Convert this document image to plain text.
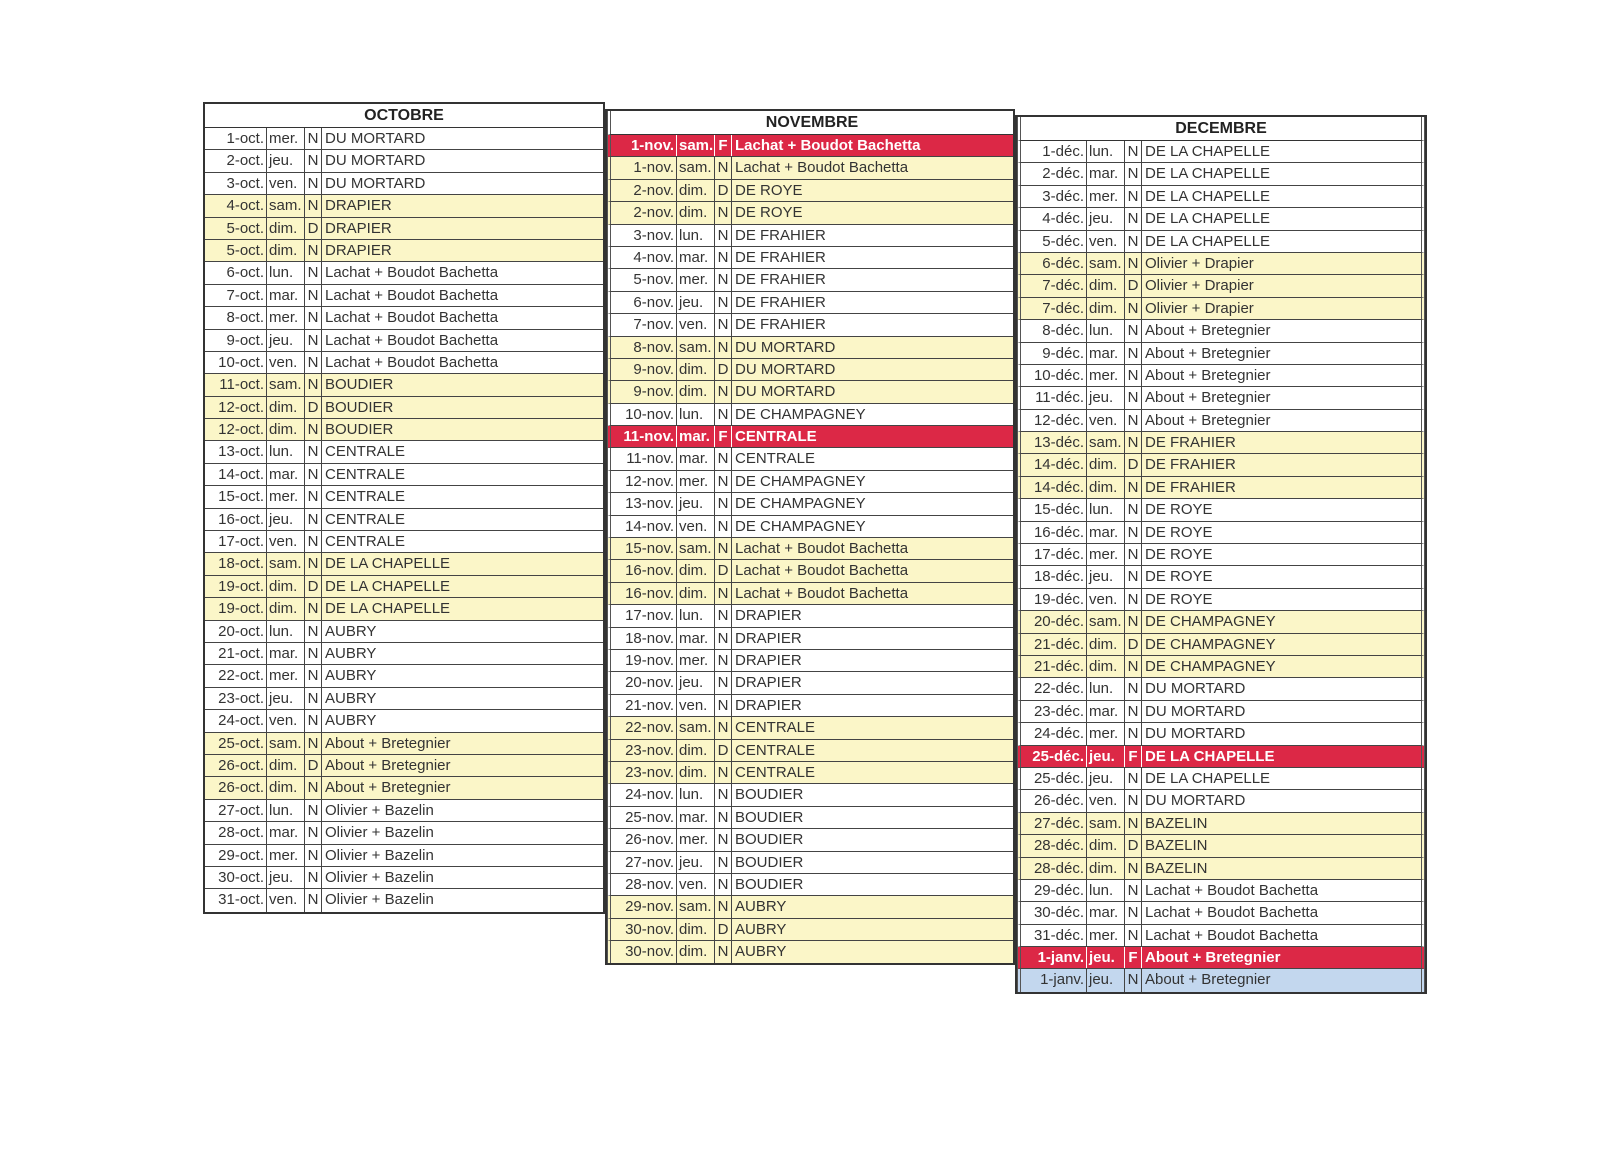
OCTOBRE
1-oct. mer. N DU MORTARD
2-oct. jeu. N DU MORTARD
3-oct. ven. N DU MORTARD
4-oct. sam. N DRAPIER
5-oct. dim. D DRAPIER
5-oct. dim. N DRAPIER
6-oct. lun. N Lachat + Boudot Bachetta
7-oct. mar. N Lachat + Boudot Bachetta
8-oct. mer. N Lachat + Boudot Bachetta
9-oct. jeu. N Lachat + Boudot Bachetta
10-oct. ven. N Lachat + Boudot Bachetta
11-oct. sam. N BOUDIER
12-oct. dim. D BOUDIER
12-oct. dim. N BOUDIER
13-oct. lun. N CENTRALE
14-oct. mar. N CENTRALE
15-oct. mer. N CENTRALE
16-oct. jeu. N CENTRALE
17-oct. ven. N CENTRALE
18-oct. sam. N DE LA CHAPELLE
19-oct. dim. D DE LA CHAPELLE
19-oct. dim. N DE LA CHAPELLE
20-oct. lun. N AUBRY
21-oct. mar. N AUBRY
22-oct. mer. N AUBRY
23-oct. jeu. N AUBRY
24-oct. ven. N AUBRY
25-oct. sam. N About + Bretegnier
26-oct. dim. D About + Bretegnier
26-oct. dim. N About + Bretegnier
27-oct. lun. N Olivier + Bazelin
28-oct. mar. N Olivier + Bazelin
29-oct. mer. N Olivier + Bazelin
30-oct. jeu. N Olivier + Bazelin
31-oct. ven. N Olivier + Bazelin
NOVEMBRE
1-nov. sam. F Lachat + Boudot Bachetta
1-nov. sam. N Lachat + Boudot Bachetta
2-nov. dim. D DE ROYE
2-nov. dim. N DE ROYE
3-nov. lun. N DE FRAHIER
4-nov. mar. N DE FRAHIER
5-nov. mer. N DE FRAHIER
6-nov. jeu. N DE FRAHIER
7-nov. ven. N DE FRAHIER
8-nov. sam. N DU MORTARD
9-nov. dim. D DU MORTARD
9-nov. dim. N DU MORTARD
10-nov. lun. N DE CHAMPAGNEY
11-nov. mar. F CENTRALE
11-nov. mar. N CENTRALE
12-nov. mer. N DE CHAMPAGNEY
13-nov. jeu. N DE CHAMPAGNEY
14-nov. ven. N DE CHAMPAGNEY
15-nov. sam. N Lachat + Boudot Bachetta
16-nov. dim. D Lachat + Boudot Bachetta
16-nov. dim. N Lachat + Boudot Bachetta
17-nov. lun. N DRAPIER
18-nov. mar. N DRAPIER
19-nov. mer. N DRAPIER
20-nov. jeu. N DRAPIER
21-nov. ven. N DRAPIER
22-nov. sam. N CENTRALE
23-nov. dim. D CENTRALE
23-nov. dim. N CENTRALE
24-nov. lun. N BOUDIER
25-nov. mar. N BOUDIER
26-nov. mer. N BOUDIER
27-nov. jeu. N BOUDIER
28-nov. ven. N BOUDIER
29-nov. sam. N AUBRY
30-nov. dim. D AUBRY
30-nov. dim. N AUBRY
DECEMBRE
1-déc. lun. N DE LA CHAPELLE
2-déc. mar. N DE LA CHAPELLE
3-déc. mer. N DE LA CHAPELLE
4-déc. jeu. N DE LA CHAPELLE
5-déc. ven. N DE LA CHAPELLE
6-déc. sam. N Olivier + Drapier
7-déc. dim. D Olivier + Drapier
7-déc. dim. N Olivier + Drapier
8-déc. lun. N About + Bretegnier
9-déc. mar. N About + Bretegnier
10-déc. mer. N About + Bretegnier
11-déc. jeu. N About + Bretegnier
12-déc. ven. N About + Bretegnier
13-déc. sam. N DE FRAHIER
14-déc. dim. D DE FRAHIER
14-déc. dim. N DE FRAHIER
15-déc. lun. N DE ROYE
16-déc. mar. N DE ROYE
17-déc. mer. N DE ROYE
18-déc. jeu. N DE ROYE
19-déc. ven. N DE ROYE
20-déc. sam. N DE CHAMPAGNEY
21-déc. dim. D DE CHAMPAGNEY
21-déc. dim. N DE CHAMPAGNEY
22-déc. lun. N DU MORTARD
23-déc. mar. N DU MORTARD
24-déc. mer. N DU MORTARD
25-déc. jeu. F DE LA CHAPELLE
25-déc. jeu. N DE LA CHAPELLE
26-déc. ven. N DU MORTARD
27-déc. sam. N BAZELIN
28-déc. dim. D BAZELIN
28-déc. dim. N BAZELIN
29-déc. lun. N Lachat + Boudot Bachetta
30-déc. mar. N Lachat + Boudot Bachetta
31-déc. mer. N Lachat + Boudot Bachetta
1-janv. jeu. F About + Bretegnier
1-janv. jeu. N About + Bretegnier
